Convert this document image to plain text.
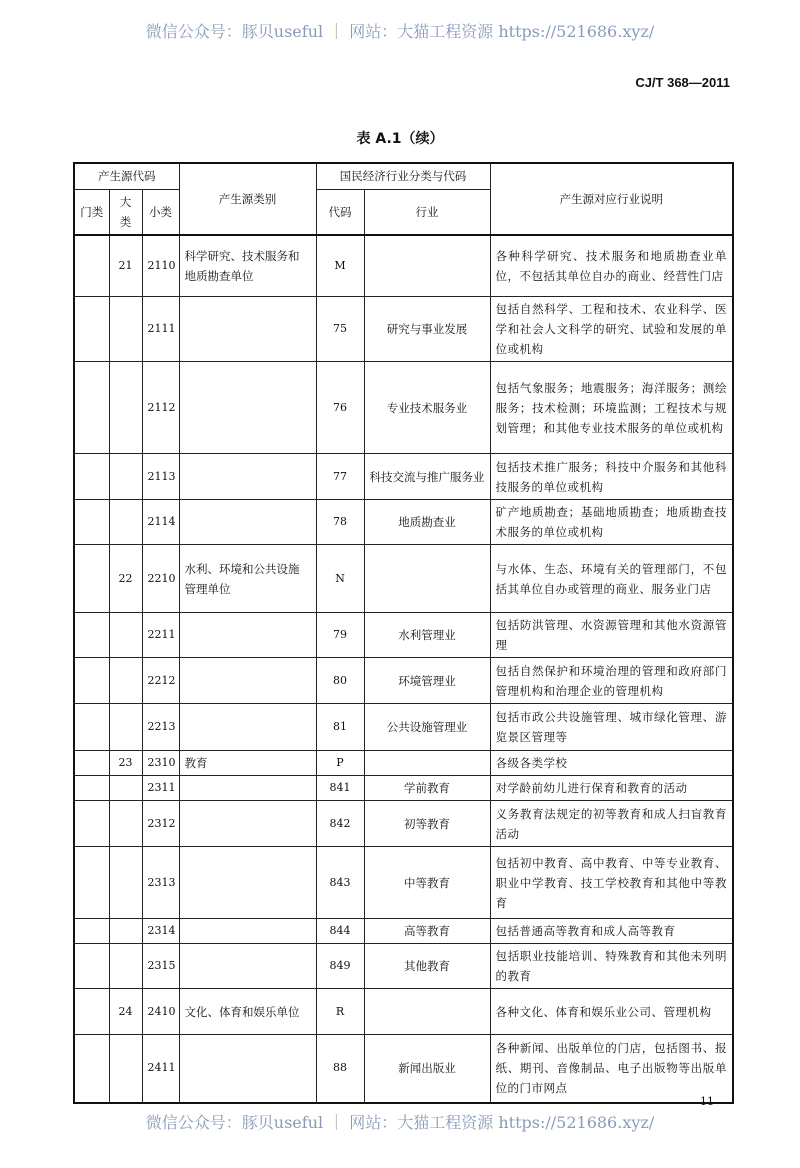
微信公众号：豚贝useful ｜ 网站：大猫工程资源 https://521686.xyz/
CJ/T 368—2011
表 A.1（续）
产生源代码			产生源类别	国民经济行业分类与代码		产生源对应行业说明
门类	大类	小类		代码	行业	
	21	2110	科学研究、技术服务和地质勘查单位	M		各种科学研究、技术服务和地质勘查业单位，不包括其单位自办的商业、经营性门店
		2111		75	研究与事业发展	包括自然科学、工程和技术、农业科学、医学和社会人文科学的研究、试验和发展的单位或机构
		2112		76	专业技术服务业	包括气象服务；地震服务；海洋服务；测绘服务；技术检测；环境监测；工程技术与规划管理；和其他专业技术服务的单位或机构
		2113		77	科技交流与推广服务业	包括技术推广服务；科技中介服务和其他科技服务的单位或机构
		2114		78	地质勘查业	矿产地质勘查；基础地质勘查；地质勘查技术服务的单位或机构
	22	2210	水利、环境和公共设施管理单位	N		与水体、生态、环境有关的管理部门，不包括其单位自办或管理的商业、服务业门店
		2211		79	水利管理业	包括防洪管理、水资源管理和其他水资源管理
		2212		80	环境管理业	包括自然保护和环境治理的管理和政府部门管理机构和治理企业的管理机构
		2213		81	公共设施管理业	包括市政公共设施管理、城市绿化管理、游览景区管理等
	23	2310	教育	P		各级各类学校
		2311		841	学前教育	对学龄前幼儿进行保育和教育的活动
		2312		842	初等教育	义务教育法规定的初等教育和成人扫盲教育活动
		2313		843	中等教育	包括初中教育、高中教育、中等专业教育、职业中学教育、技工学校教育和其他中等教育
		2314		844	高等教育	包括普通高等教育和成人高等教育
		2315		849	其他教育	包括职业技能培训、特殊教育和其他未列明的教育
	24	2410	文化、体育和娱乐单位	R		各种文化、体育和娱乐业公司、管理机构
		2411		88	新闻出版业	各种新闻、出版单位的门店，包括图书、报纸、期刊、音像制品、电子出版物等出版单位的门市网点
11
微信公众号：豚贝useful ｜ 网站：大猫工程资源 https://521686.xyz/
